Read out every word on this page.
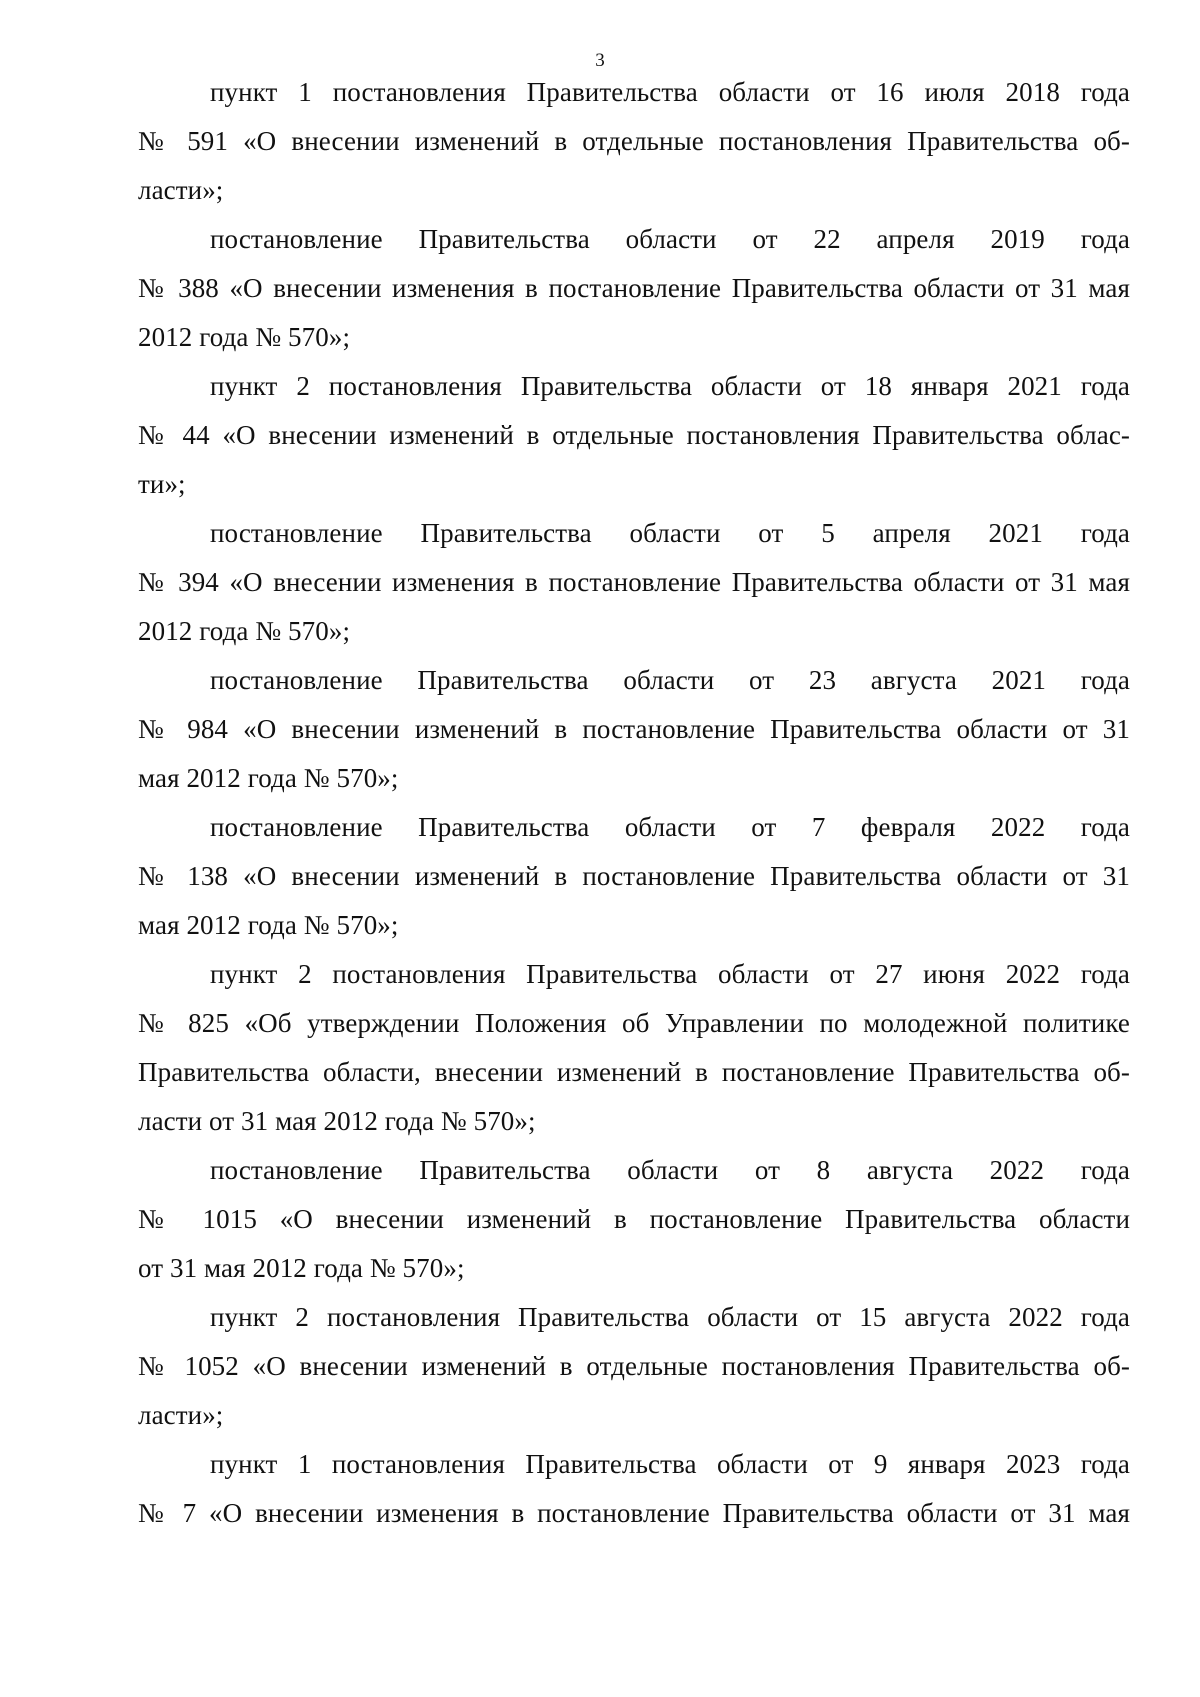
3
пункт 1 постановления Правительства области от 16 июля 2018 года
№ 591 «О внесении изменений в отдельные постановления Правительства об-
ласти»;
постановление Правительства области от 22 апреля 2019 года
№ 388 «О внесении изменения в постановление Правительства области от 31 мая
2012 года № 570»;
пункт 2 постановления Правительства области от 18 января 2021 года
№ 44 «О внесении изменений в отдельные постановления Правительства облас-
ти»;
постановление Правительства области от 5 апреля 2021 года
№ 394 «О внесении изменения в постановление Правительства области от 31 мая
2012 года № 570»;
постановление Правительства области от 23 августа 2021 года
№ 984 «О внесении изменений в постановление Правительства области от 31
мая 2012 года № 570»;
постановление Правительства области от 7 февраля 2022 года
№ 138 «О внесении изменений в постановление Правительства области от 31
мая 2012 года № 570»;
пункт 2 постановления Правительства области от 27 июня 2022 года
№ 825 «Об утверждении Положения об Управлении по молодежной политике
Правительства области, внесении изменений в постановление Правительства об-
ласти от 31 мая 2012 года № 570»;
постановление Правительства области от 8 августа 2022 года
№ 1015 «О внесении изменений в постановление Правительства области
от 31 мая 2012 года № 570»;
пункт 2 постановления Правительства области от 15 августа 2022 года
№ 1052 «О внесении изменений в отдельные постановления Правительства об-
ласти»;
пункт 1 постановления Правительства области от 9 января 2023 года
№ 7 «О внесении изменения в постановление Правительства области от 31 мая
